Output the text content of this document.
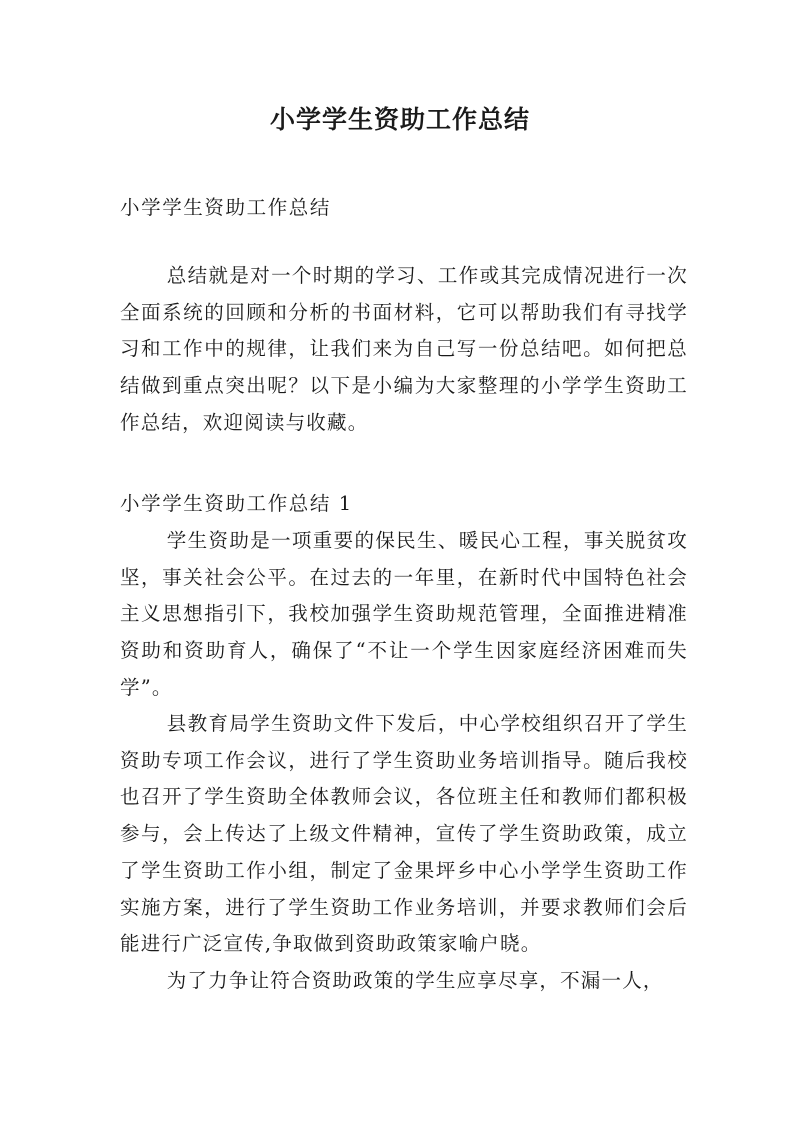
小学学生资助工作总结

小学学生资助工作总结

总结就是对一个时期的学习、工作或其完成情况进行一次全面系统的回顾和分析的书面材料，它可以帮助我们有寻找学习和工作中的规律，让我们来为自己写一份总结吧。如何把总结做到重点突出呢？以下是小编为大家整理的小学学生资助工作总结，欢迎阅读与收藏。

小学学生资助工作总结 1

学生资助是一项重要的保民生、暖民心工程，事关脱贫攻坚，事关社会公平。在过去的一年里，在新时代中国特色社会主义思想指引下，我校加强学生资助规范管理，全面推进精准资助和资助育人，确保了“不让一个学生因家庭经济困难而失学”。

县教育局学生资助文件下发后，中心学校组织召开了学生资助专项工作会议，进行了学生资助业务培训指导。随后我校也召开了学生资助全体教师会议，各位班主任和教师们都积极参与，会上传达了上级文件精神，宣传了学生资助政策，成立了学生资助工作小组，制定了金果坪乡中心小学学生资助工作实施方案，进行了学生资助工作业务培训，并要求教师们会后能进行广泛宣传,争取做到资助政策家喻户晓。

为了力争让符合资助政策的学生应享尽享，不漏一人，
